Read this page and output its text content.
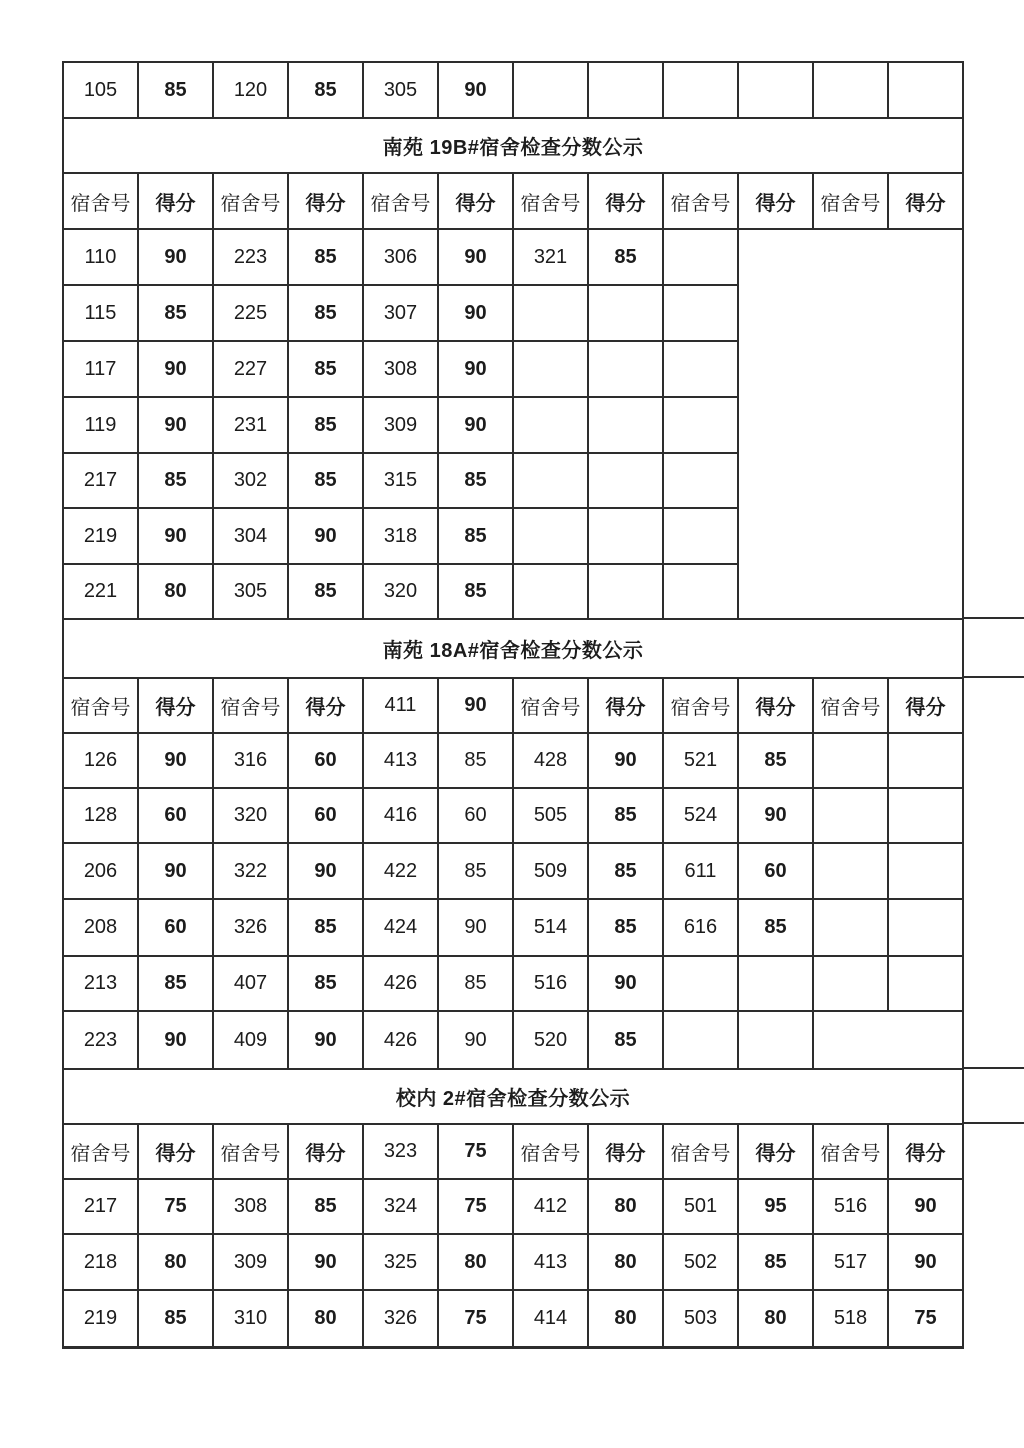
105	85	120	85	305	90						
南苑 19B#宿舍检查分数公示											
宿舍号	得分	宿舍号	得分	宿舍号	得分	宿舍号	得分	宿舍号	得分	宿舍号	得分
110	90	223	85	306	90	321	85				
115	85	225	85	307	90						
117	90	227	85	308	90						
119	90	231	85	309	90						
217	85	302	85	315	85						
219	90	304	90	318	85						
221	80	305	85	320	85						
南苑 18A#宿舍检查分数公示											
宿舍号	得分	宿舍号	得分	411	90	宿舍号	得分	宿舍号	得分	宿舍号	得分
126	90	316	60	413	85	428	90	521	85		
128	60	320	60	416	60	505	85	524	90		
206	90	322	90	422	85	509	85	611	60		
208	60	326	85	424	90	514	85	616	85		
213	85	407	85	426	85	516	90				
223	90	409	90	426	90	520	85				
校内 2#宿舍检查分数公示											
宿舍号	得分	宿舍号	得分	323	75	宿舍号	得分	宿舍号	得分	宿舍号	得分
217	75	308	85	324	75	412	80	501	95	516	90
218	80	309	90	325	80	413	80	502	85	517	90
219	85	310	80	326	75	414	80	503	80	518	75
